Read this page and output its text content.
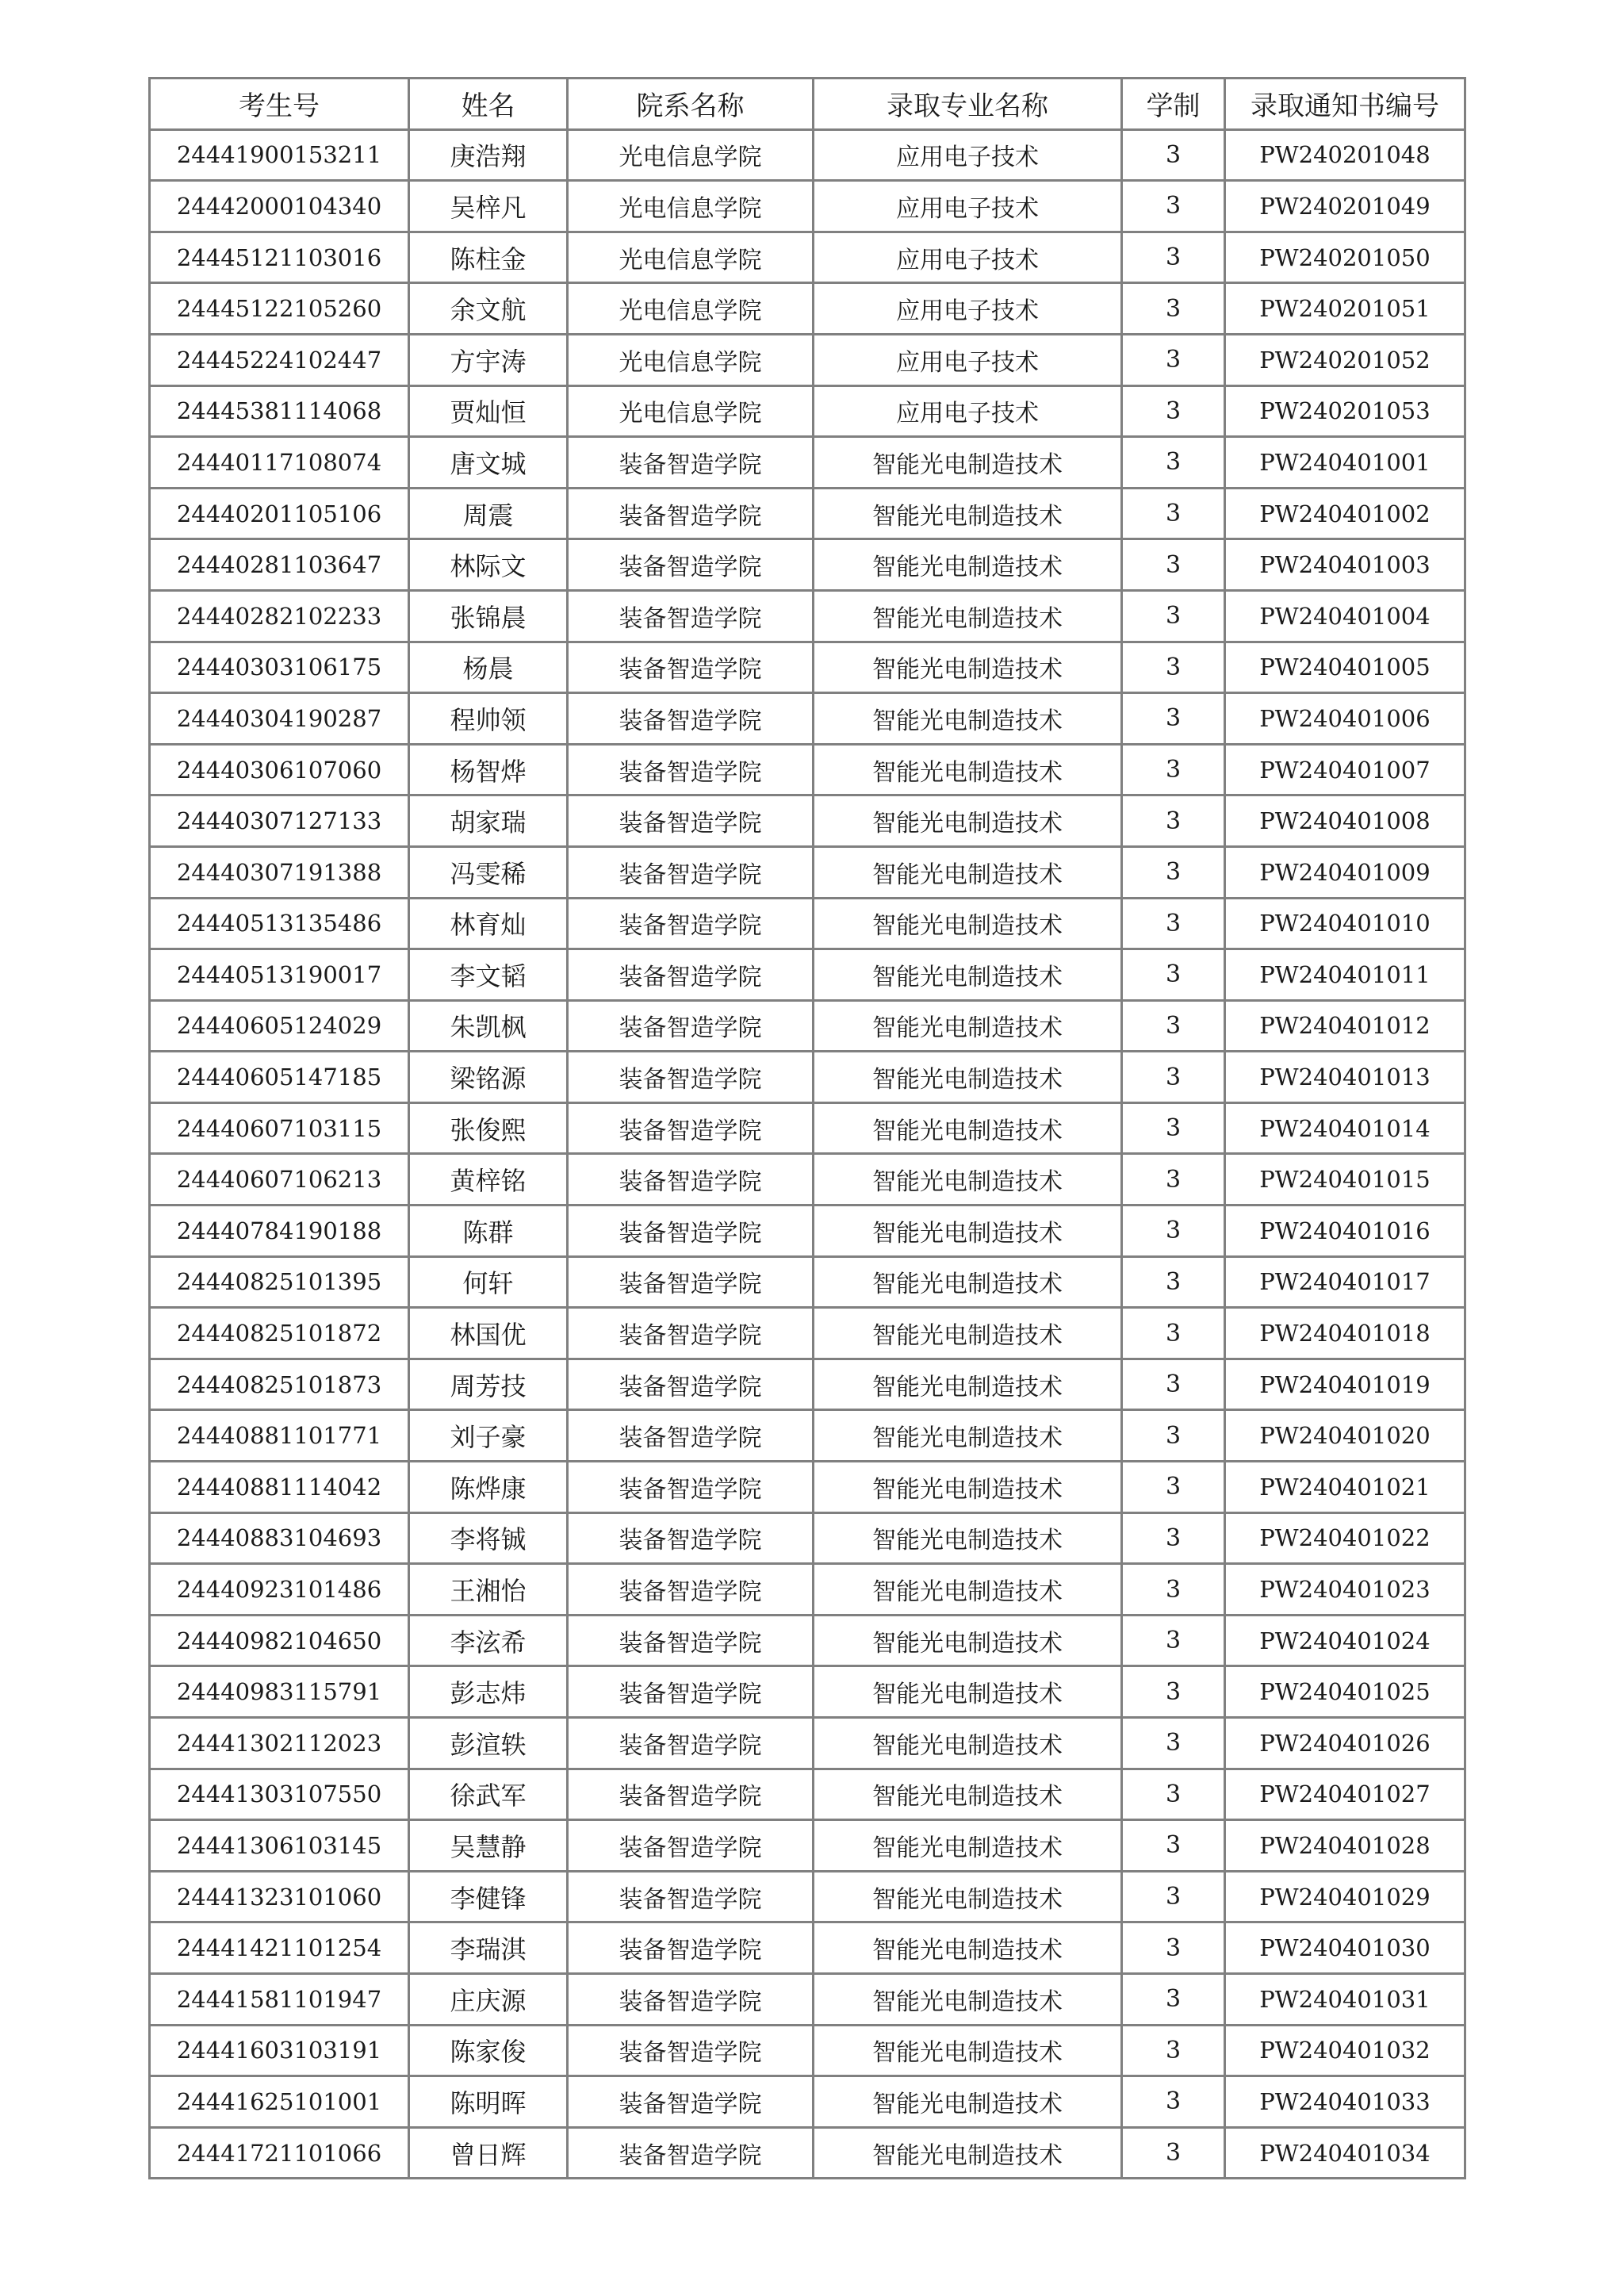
考生号	姓名	院系名称	录取专业名称	学制	录取通知书编号
24441900153211	庚浩翔	光电信息学院	应用电子技术	3	PW240201048
24442000104340	吴梓凡	光电信息学院	应用电子技术	3	PW240201049
24445121103016	陈柱金	光电信息学院	应用电子技术	3	PW240201050
24445122105260	余文航	光电信息学院	应用电子技术	3	PW240201051
24445224102447	方宇涛	光电信息学院	应用电子技术	3	PW240201052
24445381114068	贾灿恒	光电信息学院	应用电子技术	3	PW240201053
24440117108074	唐文城	装备智造学院	智能光电制造技术	3	PW240401001
24440201105106	周震	装备智造学院	智能光电制造技术	3	PW240401002
24440281103647	林际文	装备智造学院	智能光电制造技术	3	PW240401003
24440282102233	张锦晨	装备智造学院	智能光电制造技术	3	PW240401004
24440303106175	杨晨	装备智造学院	智能光电制造技术	3	PW240401005
24440304190287	程帅领	装备智造学院	智能光电制造技术	3	PW240401006
24440306107060	杨智烨	装备智造学院	智能光电制造技术	3	PW240401007
24440307127133	胡家瑞	装备智造学院	智能光电制造技术	3	PW240401008
24440307191388	冯雯稀	装备智造学院	智能光电制造技术	3	PW240401009
24440513135486	林育灿	装备智造学院	智能光电制造技术	3	PW240401010
24440513190017	李文韬	装备智造学院	智能光电制造技术	3	PW240401011
24440605124029	朱凯枫	装备智造学院	智能光电制造技术	3	PW240401012
24440605147185	梁铭源	装备智造学院	智能光电制造技术	3	PW240401013
24440607103115	张俊熙	装备智造学院	智能光电制造技术	3	PW240401014
24440607106213	黄梓铭	装备智造学院	智能光电制造技术	3	PW240401015
24440784190188	陈群	装备智造学院	智能光电制造技术	3	PW240401016
24440825101395	何轩	装备智造学院	智能光电制造技术	3	PW240401017
24440825101872	林国优	装备智造学院	智能光电制造技术	3	PW240401018
24440825101873	周芳技	装备智造学院	智能光电制造技术	3	PW240401019
24440881101771	刘子豪	装备智造学院	智能光电制造技术	3	PW240401020
24440881114042	陈烨康	装备智造学院	智能光电制造技术	3	PW240401021
24440883104693	李将铖	装备智造学院	智能光电制造技术	3	PW240401022
24440923101486	王湘怡	装备智造学院	智能光电制造技术	3	PW240401023
24440982104650	李泫希	装备智造学院	智能光电制造技术	3	PW240401024
24440983115791	彭志炜	装备智造学院	智能光电制造技术	3	PW240401025
24441302112023	彭渲轶	装备智造学院	智能光电制造技术	3	PW240401026
24441303107550	徐武军	装备智造学院	智能光电制造技术	3	PW240401027
24441306103145	吴慧静	装备智造学院	智能光电制造技术	3	PW240401028
24441323101060	李健锋	装备智造学院	智能光电制造技术	3	PW240401029
24441421101254	李瑞淇	装备智造学院	智能光电制造技术	3	PW240401030
24441581101947	庄庆源	装备智造学院	智能光电制造技术	3	PW240401031
24441603103191	陈家俊	装备智造学院	智能光电制造技术	3	PW240401032
24441625101001	陈明晖	装备智造学院	智能光电制造技术	3	PW240401033
24441721101066	曾日辉	装备智造学院	智能光电制造技术	3	PW240401034
